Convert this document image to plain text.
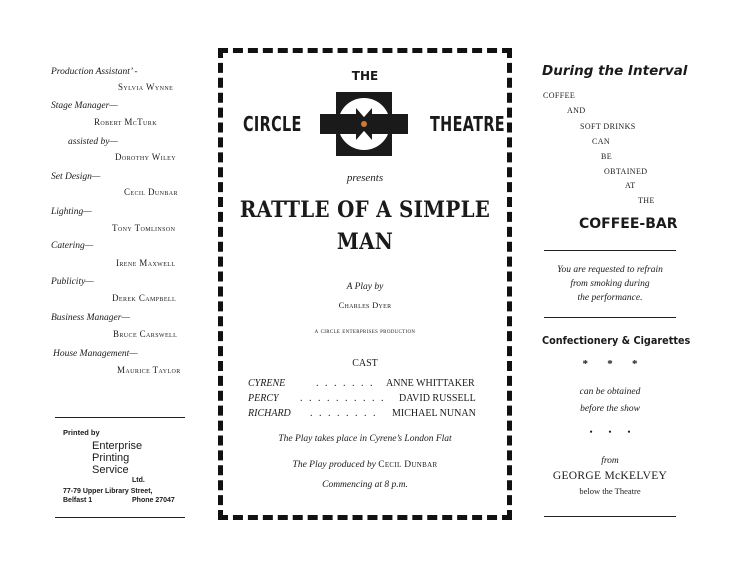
Production Assistant’ -
Sylvia Wynne
Stage Manager—
Robert McTurk
assisted by—
Dorothy Wiley
Set Design—
Cecil Dunbar
Lighting—
Tony Tomlinson
Catering—
Irene Maxwell
Publicity—
Derek Campbell
Business Manager—
Bruce Carswell
House Management—
Maurice Taylor
Printed by
Enterprise
Printing
Service
Ltd.
77-79 Upper Library Street,
Belfast 1	Phone 27047
THE
CIRCLE	THEATRE
presents
RATTLE OF A SIMPLE
MAN
A Play by
Charles Dyer
a circle enterprises production
CAST
CYRENE	. . . . . . . ANNE WHITTAKER
PERCY . . . . . . . . . . DAVID RUSSELL
RICHARD . . . . . . . . MICHAEL NUNAN
The Play takes place in Cyrene’s London Flat
The Play produced by Cecil Dunbar
Commencing at 8 p.m.
During the Interval
COFFEE
AND
SOFT DRINKS
CAN
BE
OBTAINED
AT
THE
COFFEE-BAR
You are requested to refrain
from smoking during
the performance.
Confectionery & Cigarettes
*       *       *
can be obtained
before the show
•       •       •
from
GEORGE McKELVEY
below the Theatre
